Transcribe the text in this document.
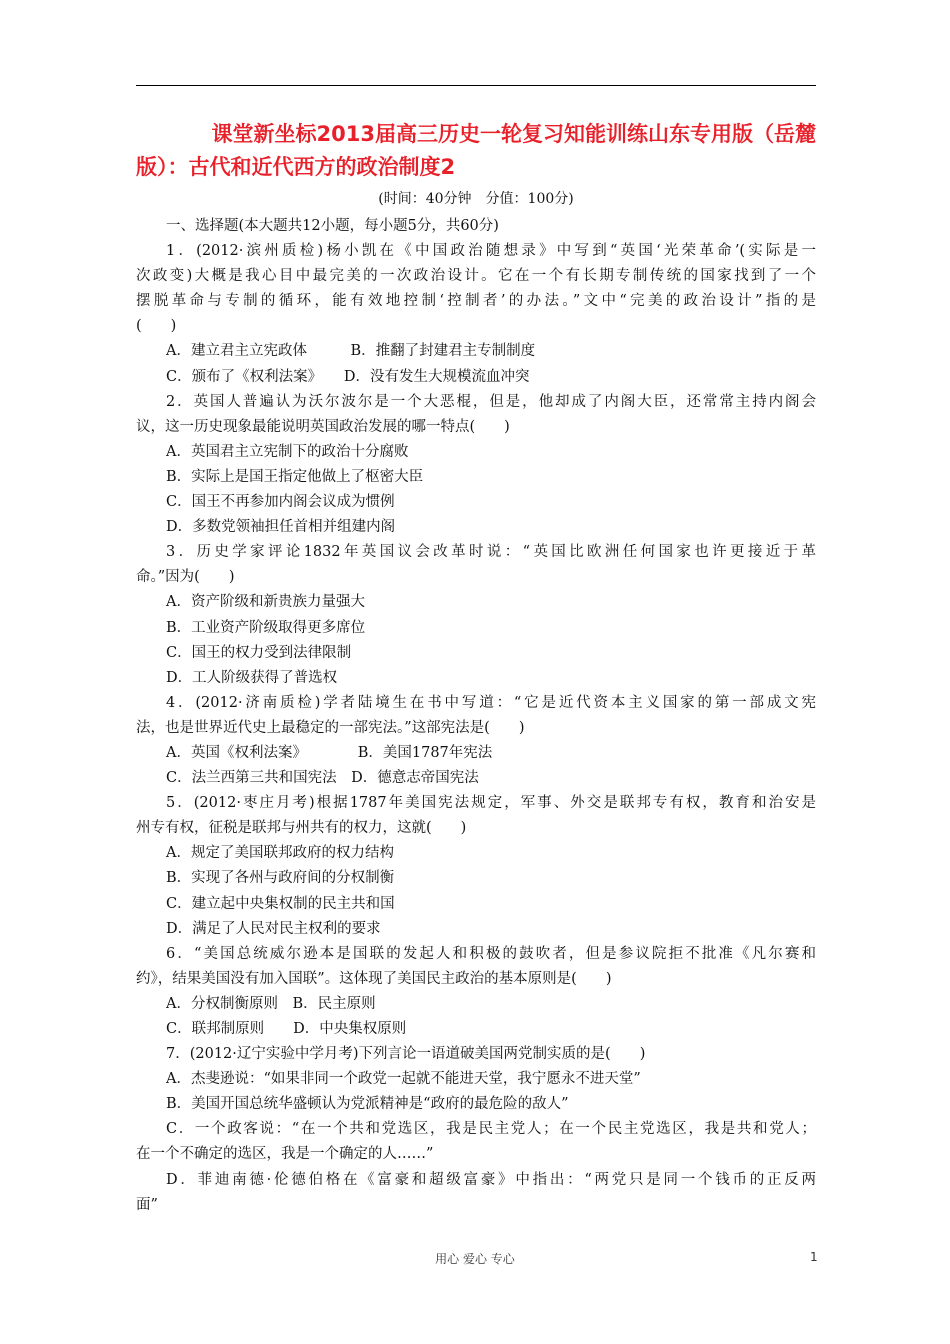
课堂新坐标2013届高三历史一轮复习知能训练山东专用版（岳麓
版）：古代和近代西方的政治制度2
(时间：40分钟　分值：100分)
一、选择题(本大题共12小题，每小题5分，共60分)
1．(2012·滨州质检)杨小凯在《中国政治随想录》中写到“英国‘光荣革命’(实际是一
次政变)大概是我心目中最完美的一次政治设计。它在一个有长期专制传统的国家找到了一个
摆脱革命与专制的循环，能有效地控制‘控制者’的办法。”文中“完美的政治设计”指的是
(　　)
A．建立君主立宪政体　　　B．推翻了封建君主专制制度
C．颁布了《权利法案》　　D．没有发生大规模流血冲突
2．英国人普遍认为沃尔波尔是一个大恶棍，但是，他却成了内阁大臣，还常常主持内阁会
议，这一历史现象最能说明英国政治发展的哪一特点(　　)
A．英国君主立宪制下的政治十分腐败
B．实际上是国王指定他做上了枢密大臣
C．国王不再参加内阁会议成为惯例
D．多数党领袖担任首相并组建内阁
3．历史学家评论1832年英国议会改革时说：“英国比欧洲任何国家也许更接近于革
命。”因为(　　)
A．资产阶级和新贵族力量强大
B．工业资产阶级取得更多席位
C．国王的权力受到法律限制
D．工人阶级获得了普选权
4．(2012·济南质检)学者陆境生在书中写道：“它是近代资本主义国家的第一部成文宪
法，也是世界近代史上最稳定的一部宪法。”这部宪法是(　　)
A．英国《权利法案》　　　　B．美国1787年宪法
C．法兰西第三共和国宪法　D．德意志帝国宪法
5．(2012·枣庄月考)根据1787年美国宪法规定，军事、外交是联邦专有权，教育和治安是
州专有权，征税是联邦与州共有的权力，这就(　　)
A．规定了美国联邦政府的权力结构
B．实现了各州与政府间的分权制衡
C．建立起中央集权制的民主共和国
D．满足了人民对民主权利的要求
6．“美国总统威尔逊本是国联的发起人和积极的鼓吹者，但是参议院拒不批准《凡尔赛和
约》，结果美国没有加入国联”。这体现了美国民主政治的基本原则是(　　)
A．分权制衡原则　B．民主原则
C．联邦制原则　　D．中央集权原则
7．(2012·辽宁实验中学月考)下列言论一语道破美国两党制实质的是(　　)
A．杰斐逊说：“如果非同一个政党一起就不能进天堂，我宁愿永不进天堂”
B．美国开国总统华盛顿认为党派精神是“政府的最危险的敌人”
C．一个政客说：“在一个共和党选区，我是民主党人；在一个民主党选区，我是共和党人；
在一个不确定的选区，我是一个确定的人……”
D．菲迪南德·伦德伯格在《富豪和超级富豪》中指出：“两党只是同一个钱币的正反两
面”
用心 爱心 专心	1
